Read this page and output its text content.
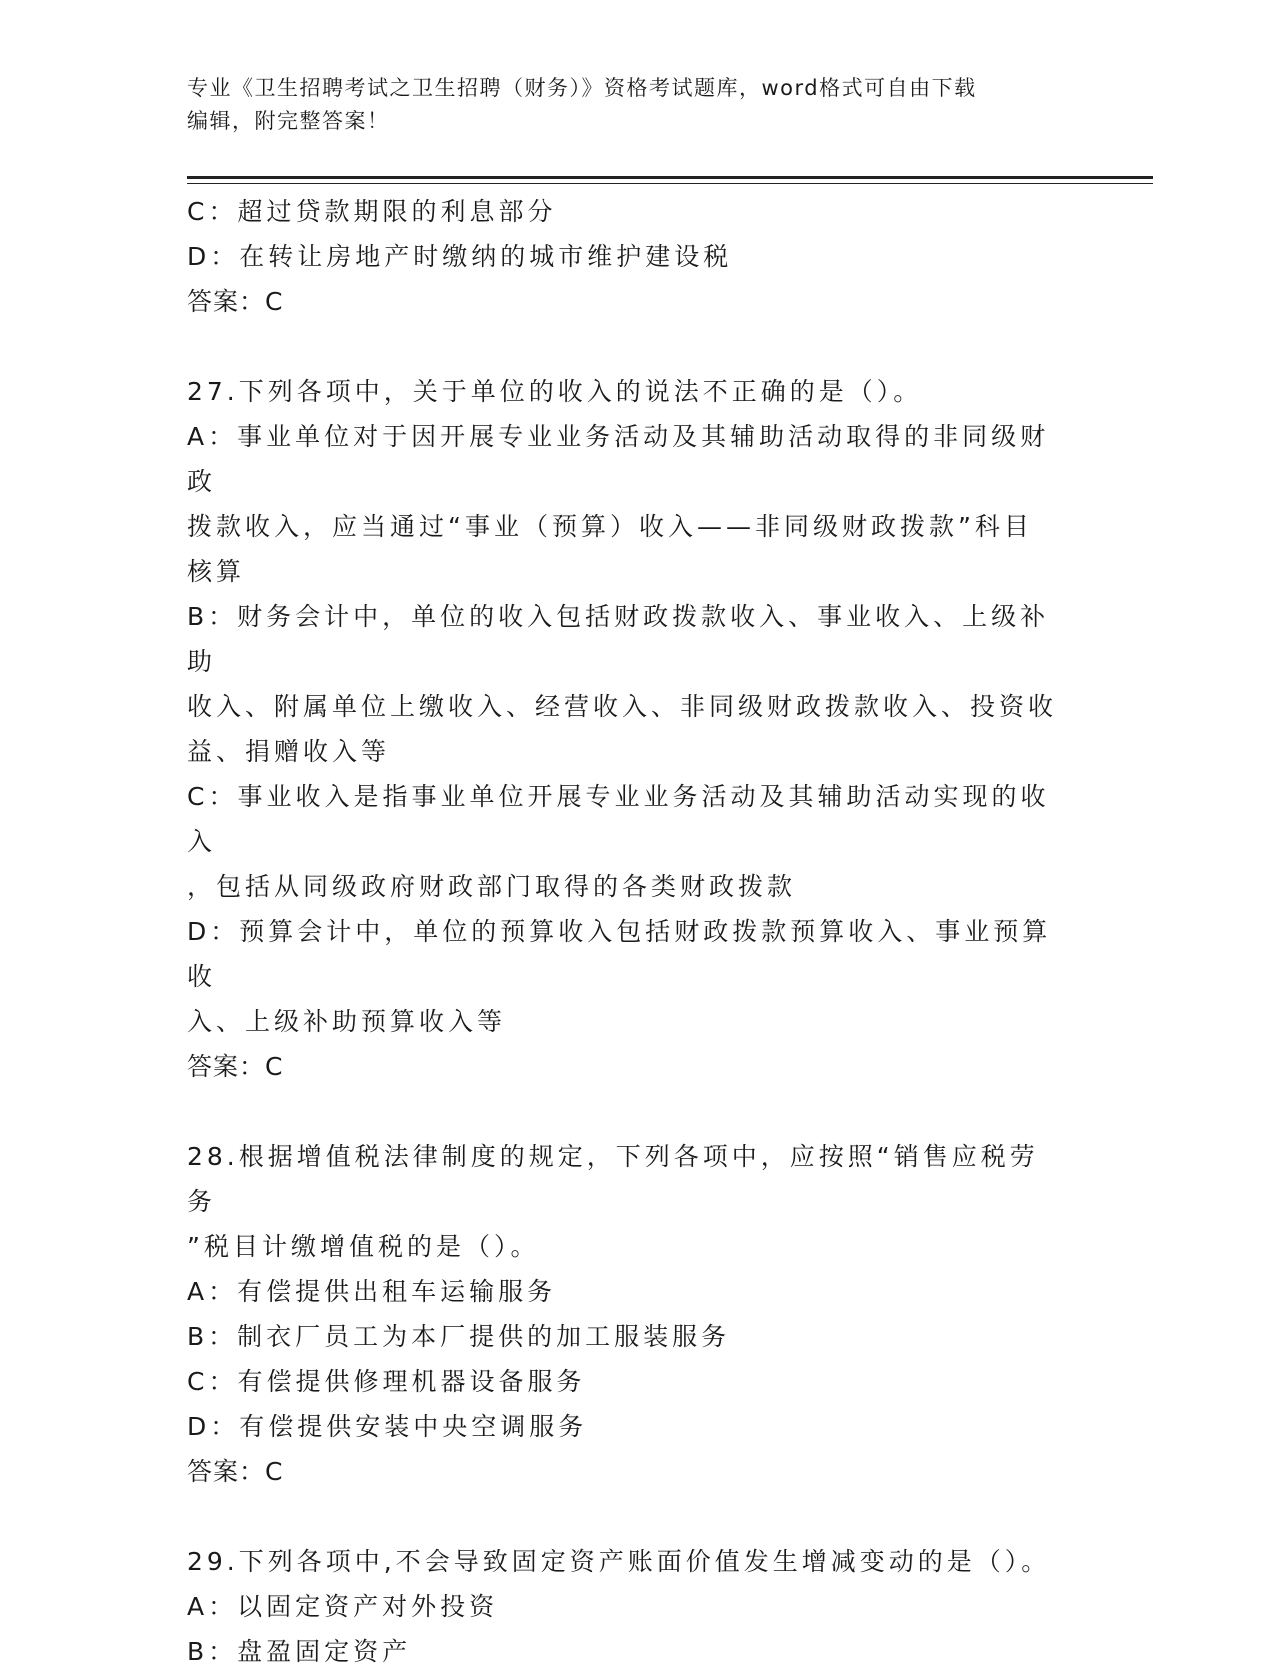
专业《卫生招聘考试之卫生招聘（财务）》资格考试题库，word格式可自由下载
编辑，附完整答案！
C：超过贷款期限的利息部分
D：在转让房地产时缴纳的城市维护建设税
答案：C
27.下列各项中，关于单位的收入的说法不正确的是（）。
A：事业单位对于因开展专业业务活动及其辅助活动取得的非同级财政
拨款收入，应当通过“事业（预算）收入——非同级财政拨款”科目
核算
B：财务会计中，单位的收入包括财政拨款收入、事业收入、上级补助
收入、附属单位上缴收入、经营收入、非同级财政拨款收入、投资收
益、捐赠收入等
C：事业收入是指事业单位开展专业业务活动及其辅助活动实现的收入
，包括从同级政府财政部门取得的各类财政拨款
D：预算会计中，单位的预算收入包括财政拨款预算收入、事业预算收
入、上级补助预算收入等
答案：C
28.根据增值税法律制度的规定，下列各项中，应按照“销售应税劳务
”税目计缴增值税的是（）。
A：有偿提供出租车运输服务
B：制衣厂员工为本厂提供的加工服装服务
C：有偿提供修理机器设备服务
D：有偿提供安装中央空调服务
答案：C
29.下列各项中,不会导致固定资产账面价值发生增减变动的是（）。
A：以固定资产对外投资
B：盘盈固定资产
